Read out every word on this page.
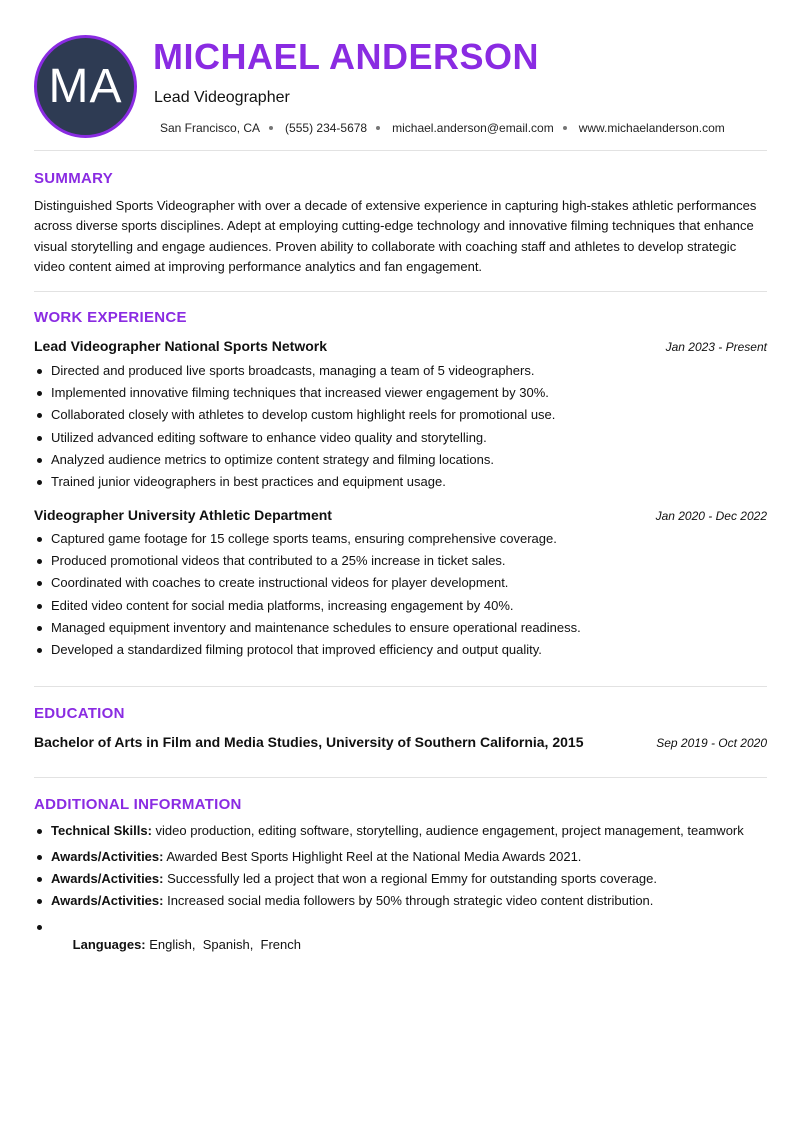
MA
MICHAEL ANDERSON
Lead Videographer
San Francisco, CA (555) 234-5678 michael.anderson@email.com www.michaelanderson.com
SUMMARY

Distinguished Sports Videographer with over a decade of extensive experience in capturing high-stakes athletic performances across diverse sports disciplines. Adept at employing cutting-edge technology and innovative filming techniques that enhance visual storytelling and engage audiences. Proven ability to collaborate with coaching staff and athletes to develop strategic video content aimed at improving performance analytics and fan engagement.

WORK EXPERIENCE
Lead Videographer National Sports Network	Jan 2023 - Present
Directed and produced live sports broadcasts, managing a team of 5 videographers.
Implemented innovative filming techniques that increased viewer engagement by 30%.
Collaborated closely with athletes to develop custom highlight reels for promotional use.
Utilized advanced editing software to enhance video quality and storytelling.
Analyzed audience metrics to optimize content strategy and filming locations.
Trained junior videographers in best practices and equipment usage.
Videographer University Athletic Department	Jan 2020 - Dec 2022
Captured game footage for 15 college sports teams, ensuring comprehensive coverage.
Produced promotional videos that contributed to a 25% increase in ticket sales.
Coordinated with coaches to create instructional videos for player development.
Edited video content for social media platforms, increasing engagement by 40%.
Managed equipment inventory and maintenance schedules to ensure operational readiness.
Developed a standardized filming protocol that improved efficiency and output quality.
EDUCATION
Bachelor of Arts in Film and Media Studies, University of Southern California, 2015	Sep 2019 - Oct 2020
ADDITIONAL INFORMATION
Technical Skills: video production, editing software, storytelling, audience engagement, project management, teamwork
Awards/Activities: Awarded Best Sports Highlight Reel at the National Media Awards 2021.
Awards/Activities: Successfully led a project that won a regional Emmy for outstanding sports coverage.
Awards/Activities: Increased social media followers by 50% through strategic video content distribution.

Languages: English,  Spanish,  French
